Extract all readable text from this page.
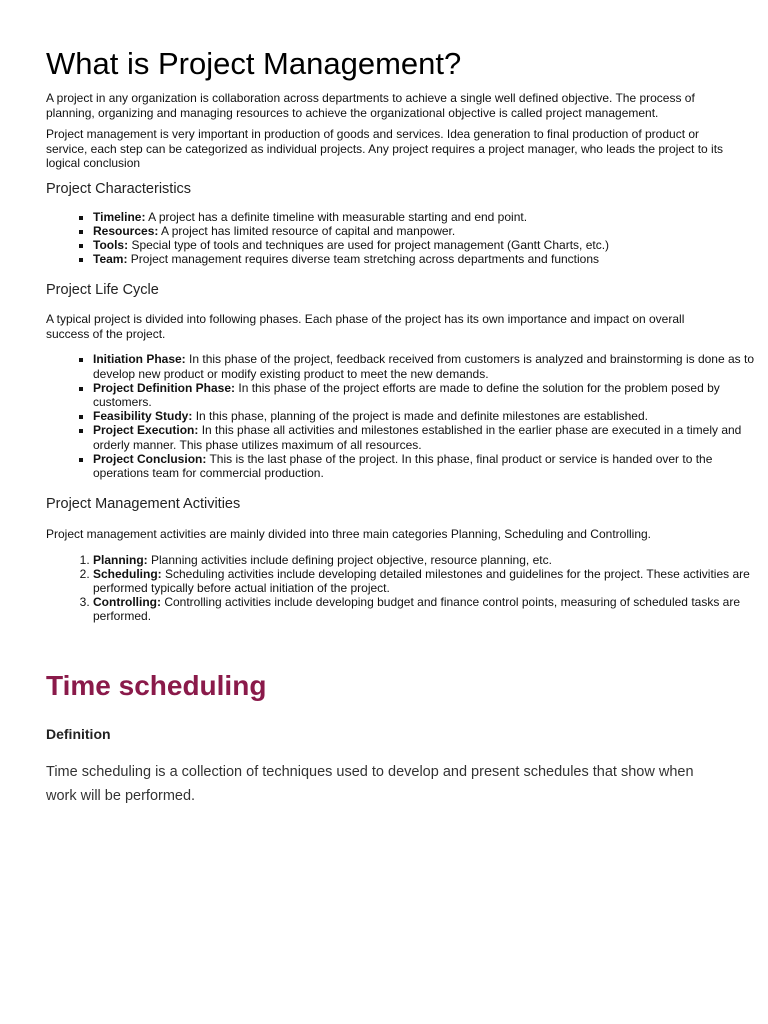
What is Project Management?

A project in any organization is collaboration across departments to achieve a single well defined objective. The process of planning, organizing and managing resources to achieve the organizational objective is called project management.

Project management is very important in production of goods and services. Idea generation to final production of product or service, each step can be categorized as individual projects. Any project requires a project manager, who leads the project to its logical conclusion

Project Characteristics
▪ Timeline: A project has a definite timeline with measurable starting and end point.
▪ Resources: A project has limited resource of capital and manpower.
▪ Tools: Special type of tools and techniques are used for project management (Gantt Charts, etc.)
▪ Team: Project management requires diverse team stretching across departments and functions
Project Life Cycle

A typical project is divided into following phases. Each phase of the project has its own importance and impact on overall success of the project.

▪ Initiation Phase: In this phase of the project, feedback received from customers is analyzed and brainstorming is done as to develop new product or modify existing product to meet the new demands.
▪ Project Definition Phase: In this phase of the project efforts are made to define the solution for the problem posed by customers.
▪ Feasibility Study: In this phase, planning of the project is made and definite milestones are established.
▪ Project Execution: In this phase all activities and milestones established in the earlier phase are executed in a timely and orderly manner. This phase utilizes maximum of all resources.
▪ Project Conclusion: This is the last phase of the project. In this phase, final product or service is handed over to the operations team for commercial production.
Project Management Activities

Project management activities are mainly divided into three main categories Planning, Scheduling and Controlling.

1. Planning: Planning activities include defining project objective, resource planning, etc.
2. Scheduling: Scheduling activities include developing detailed milestones and guidelines for the project. These activities are performed typically before actual initiation of the project.
3. Controlling: Controlling activities include developing budget and finance control points, measuring of scheduled tasks are performed.
Time scheduling
Definition

Time scheduling is a collection of techniques used to develop and present schedules that show when work will be performed.
